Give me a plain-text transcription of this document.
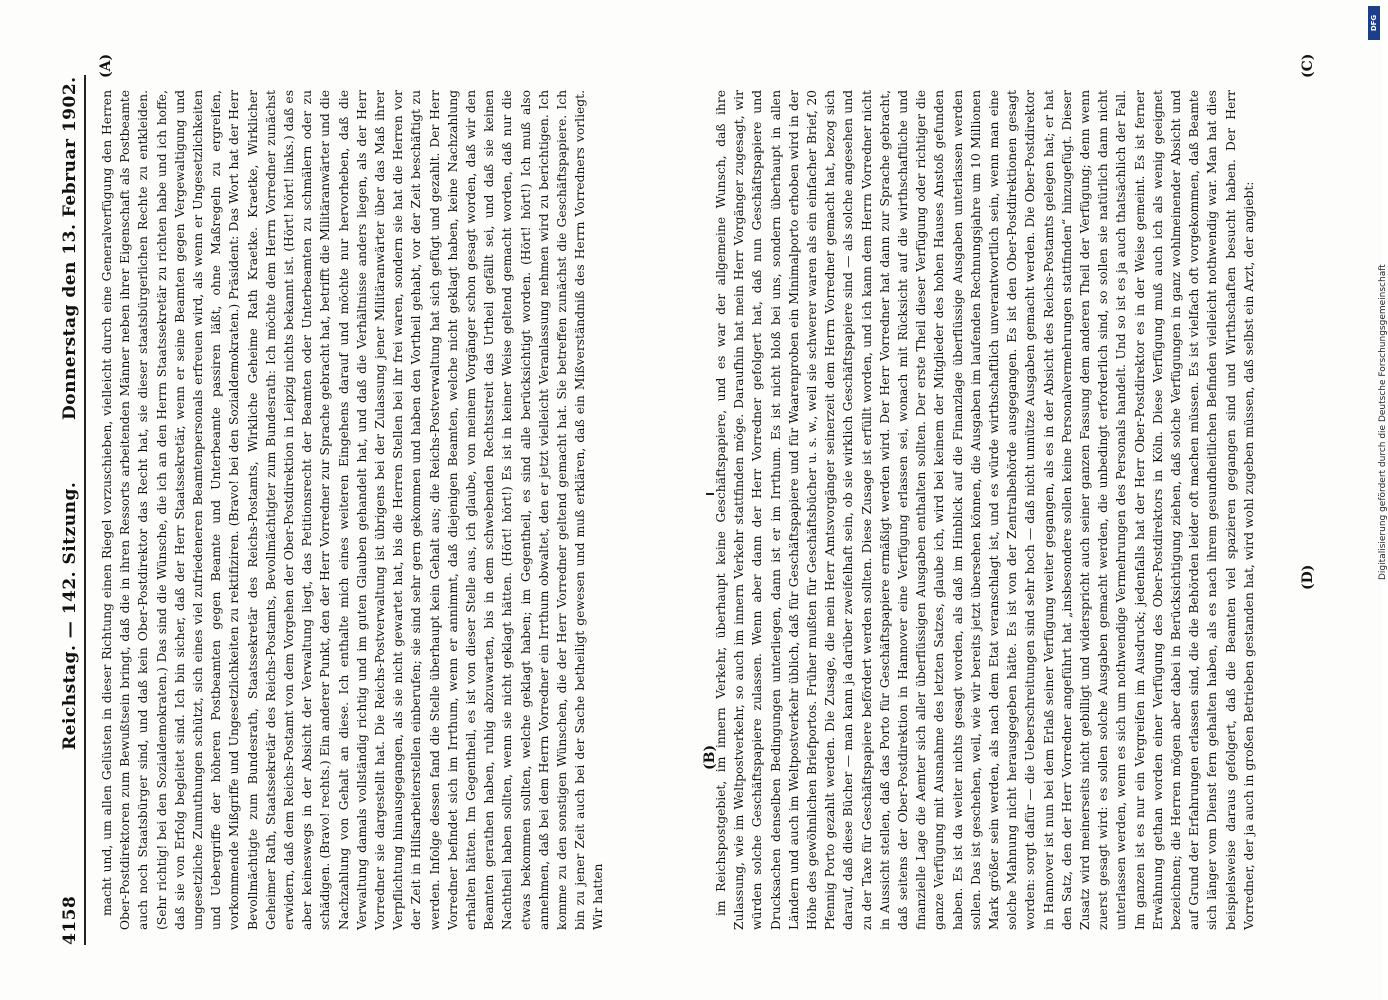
4158
Reichstag. — 142. Sitzung.
Donnerstag den 13. Februar 1902.
(A)
(B)
(C)
(D)

macht und, um allen Gelüsten in dieser Richtung einen Riegel vorzuschieben, vielleicht durch eine Generalverfügung den Herren Ober-Postdirektoren zum Bewußtsein bringt, daß die in ihren Ressorts arbeitenden Männer neben ihrer Eigenschaft als Postbeamte auch noch Staatsbürger sind, und daß kein Ober-Postdirektor das Recht hat, sie dieser staatsbürgerlichen Rechte zu entkleiden. (Sehr richtig! bei den Sozialdemokraten.) Das sind die Wünsche, die ich an den Herrn Staatssekretär zu richten habe und ich hoffe, daß sie von Erfolg begleitet sind. Ich bin sicher, daß der Herr Staatssekretär, wenn er seine Beamten gegen Vergewaltigung und ungesetzliche Zumuthungen schützt, sich eines viel zufriedeneren Beamtenpersonals erfreuen wird, als wenn er Ungesetzlichkeiten und Uebergriffe der höheren Postbeamten gegen Beamte und Unterbeamte passiren läßt, ohne Maßregeln zu ergreifen, vorkommende Mißgriffe und Ungesetzlichkeiten zu rektifiziren. (Bravo! bei den Sozialdemokraten.) Präsident: Das Wort hat der Herr Bevollmächtigte zum Bundesrath, Staatssekretär des Reichs-Postamts, Wirkliche Geheime Rath Kraetke. Kraetke, Wirklicher Geheimer Rath, Staatssekretär des Reichs-Postamts, Bevollmächtigter zum Bundesrath: Ich möchte dem Herrn Vorredner zunächst erwidern, daß dem Reichs-Postamt von dem Vorgehen der Ober-Postdirektion in Leipzig nichts bekannt ist. (Hört! hört! links.) daß es aber keineswegs in der Absicht der Verwaltung liegt, das Petitionsrecht der Beamten oder Unterbeamten zu schmälern oder zu schädigen. (Bravo! rechts.) Ein anderer Punkt, den der Herr Vorredner zur Sprache gebracht hat, betrifft die Militäranwärter und die Nachzahlung von Gehalt an diese. Ich enthalte mich eines weiteren Eingehens darauf und möchte nur hervorheben, daß die Verwaltung damals vollständig richtig und im guten Glauben gehandelt hat, und daß die Verhältnisse anders liegen, als der Herr Vorredner sie dargestellt hat. Die Reichs-Postverwaltung ist übrigens bei der Zulassung jener Militäranwärter über das Maß ihrer Verpflichtung hinausgegangen, als sie nicht gewartet hat, bis die Herren Stellen bei ihr frei waren, sondern sie hat die Herren vor der Zeit in Hilfsarbeiterstellen einberufen; sie sind sehr gern gekommen und haben den Vortheil gehabt, vor der Zeit beschäftigt zu werden. Infolge dessen fand die Stelle überhaupt kein Gehalt aus; die Reichs-Postverwaltung hat sich gefügt und gezahlt. Der Herr Vorredner befindet sich im Irrthum, wenn er annimmt, daß diejenigen Beamten, welche nicht geklagt haben, keine Nachzahlung erhalten hätten. Im Gegentheil, es ist von dieser Stelle aus, ich glaube, von meinem Vorgänger schon gesagt worden, daß wir den Beamten gerathen haben, ruhig abzuwarten, bis in dem schwebenden Rechtsstreit das Urtheil gefällt sei, und daß sie keinen Nachtheil haben sollten, wenn sie nicht geklagt hätten. (Hört! hört!) Es ist in keiner Weise geltend gemacht worden, daß nur die etwas bekommen sollten, welche geklagt haben; im Gegentheil, es sind alle berücksichtigt worden. (Hört! hört!) Ich muß also annehmen, daß bei dem Herrn Vorredner ein Irrthum obwaltet, den er jetzt vielleicht Veranlassung nehmen wird zu berichtigen. Ich komme zu den sonstigen Wünschen, die der Herr Vorredner geltend gemacht hat. Sie betreffen zunächst die Geschäftspapiere. Ich bin zu jener Zeit auch bei der Sache betheiligt gewesen und muß erklären, daß ein Mißverständniß des Herrn Vorredners vorliegt. Wir hatten	im Reichspostgebiet, im innern Verkehr, überhaupt keine Geschäftspapiere, und es war der allgemeine Wunsch, daß ihre Zulassung, wie im Weltpostverkehr, so auch im innern Verkehr stattfinden möge. Daraufhin hat mein Herr Vorgänger zugesagt, wir würden solche Geschäftspapiere zulassen. Wenn aber dann der Herr Vorredner gefolgert hat, daß nun Geschäftspapiere und Drucksachen denselben Bedingungen unterliegen, dann ist er im Irrthum. Es ist nicht bloß bei uns, sondern überhaupt in allen Ländern und auch im Weltpostverkehr üblich, daß für Geschäftspapiere und für Waarenproben ein Minimalporto erhoben wird in der Höhe des gewöhnlichen Briefportos. Früher mußten für Geschäftsbücher u. s. w., weil sie schwerer waren als ein einfacher Brief, 20 Pfennig Porto gezahlt werden. Die Zusage, die mein Herr Amtsvorgänger seinerzeit dem Herrn Vorredner gemacht hat, bezog sich darauf, daß diese Bücher — man kann ja darüber zweifelhaft sein, ob sie wirklich Geschäftspapiere sind — als solche angesehen und zu der Taxe für Geschäftspapiere befördert werden sollten. Diese Zusage ist erfüllt worden, und ich kann dem Herrn Vorredner nicht in Aussicht stellen, daß das Porto für Geschäftspapiere ermäßigt werden wird. Der Herr Vorredner hat dann zur Sprache gebracht, daß seitens der Ober-Postdirektion in Hannover eine Verfügung erlassen sei, wonach mit Rücksicht auf die wirthschaftliche und finanzielle Lage die Aemter sich aller überflüssigen Ausgaben enthalten sollten. Der erste Theil dieser Verfügung oder richtiger die ganze Verfügung mit Ausnahme des letzten Satzes, glaube ich, wird bei keinem der Mitglieder des hohen Hauses Anstoß gefunden haben. Es ist da weiter nichts gesagt worden, als daß im Hinblick auf die Finanzlage überflüssige Ausgaben unterlassen werden sollen. Das ist geschehen, weil, wie wir bereits jetzt übersehen können, die Ausgaben im laufenden Rechnungsjahre um 10 Millionen Mark größer sein werden, als nach dem Etat veranschlagt ist, und es würde wirthschaftlich unverantwortlich sein, wenn man eine solche Mahnung nicht herausgegeben hätte. Es ist von der Zentralbehörde ausgegangen. Es ist den Ober-Postdirektionen gesagt worden: sorgt dafür — die Ueberschreitungen sind sehr hoch — daß nicht unnütze Ausgaben gemacht werden. Die Ober-Postdirektor in Hannover ist nun bei dem Erlaß seiner Verfügung weiter gegangen, als es in der Absicht des Reichs-Postamts gelegen hat; er hat den Satz, den der Herr Vorredner angeführt hat „insbesondere sollen keine Personalvermehrungen stattfinden“ hinzugefügt. Dieser Zusatz wird meinerseits nicht gebilligt und widerspricht auch seiner ganzen Fassung dem anderen Theil der Verfügung; denn wenn zuerst gesagt wird: es sollen solche Ausgaben gemacht werden, die unbedingt erforderlich sind, so sollen sie natürlich dann nicht unterlassen werden, wenn es sich um nothwendige Vermehrungen des Personals handelt. Und so ist es ja auch thatsächlich der Fall. Im ganzen ist es nur ein Vergreifen im Ausdruck; jedenfalls hat der Herr Ober-Postdirektor es in der Weise gemeint. Es ist ferner Erwähnung gethan worden einer Verfügung des Ober-Postdirektors in Köln. Diese Verfügung muß auch ich als wenig geeignet bezeichnen; die Herren mögen aber dabei in Berücksichtigung ziehen, daß solche Verfügungen in ganz wohlmeinender Absicht und auf Grund der Erfahrungen erlassen sind, die die Behörden leider oft machen müssen. Es ist vielfach oft vorgekommen, daß Beamte sich länger vom Dienst fern gehalten haben, als es nach ihrem gesundheitlichen Befinden vielleicht nothwendig war. Man hat dies beispielsweise daraus gefolgert, daß die Beamten viel spazieren gegangen sind und Wirthschaften besucht haben. Der Herr Vorredner, der ja auch in großen Betrieben gestanden hat, wird wohl zugeben müssen, daß selbst ein Arzt, der angiebt:	Digitalisierung gefördert durch die Deutsche Forschungsgemeinschaft
DFG
